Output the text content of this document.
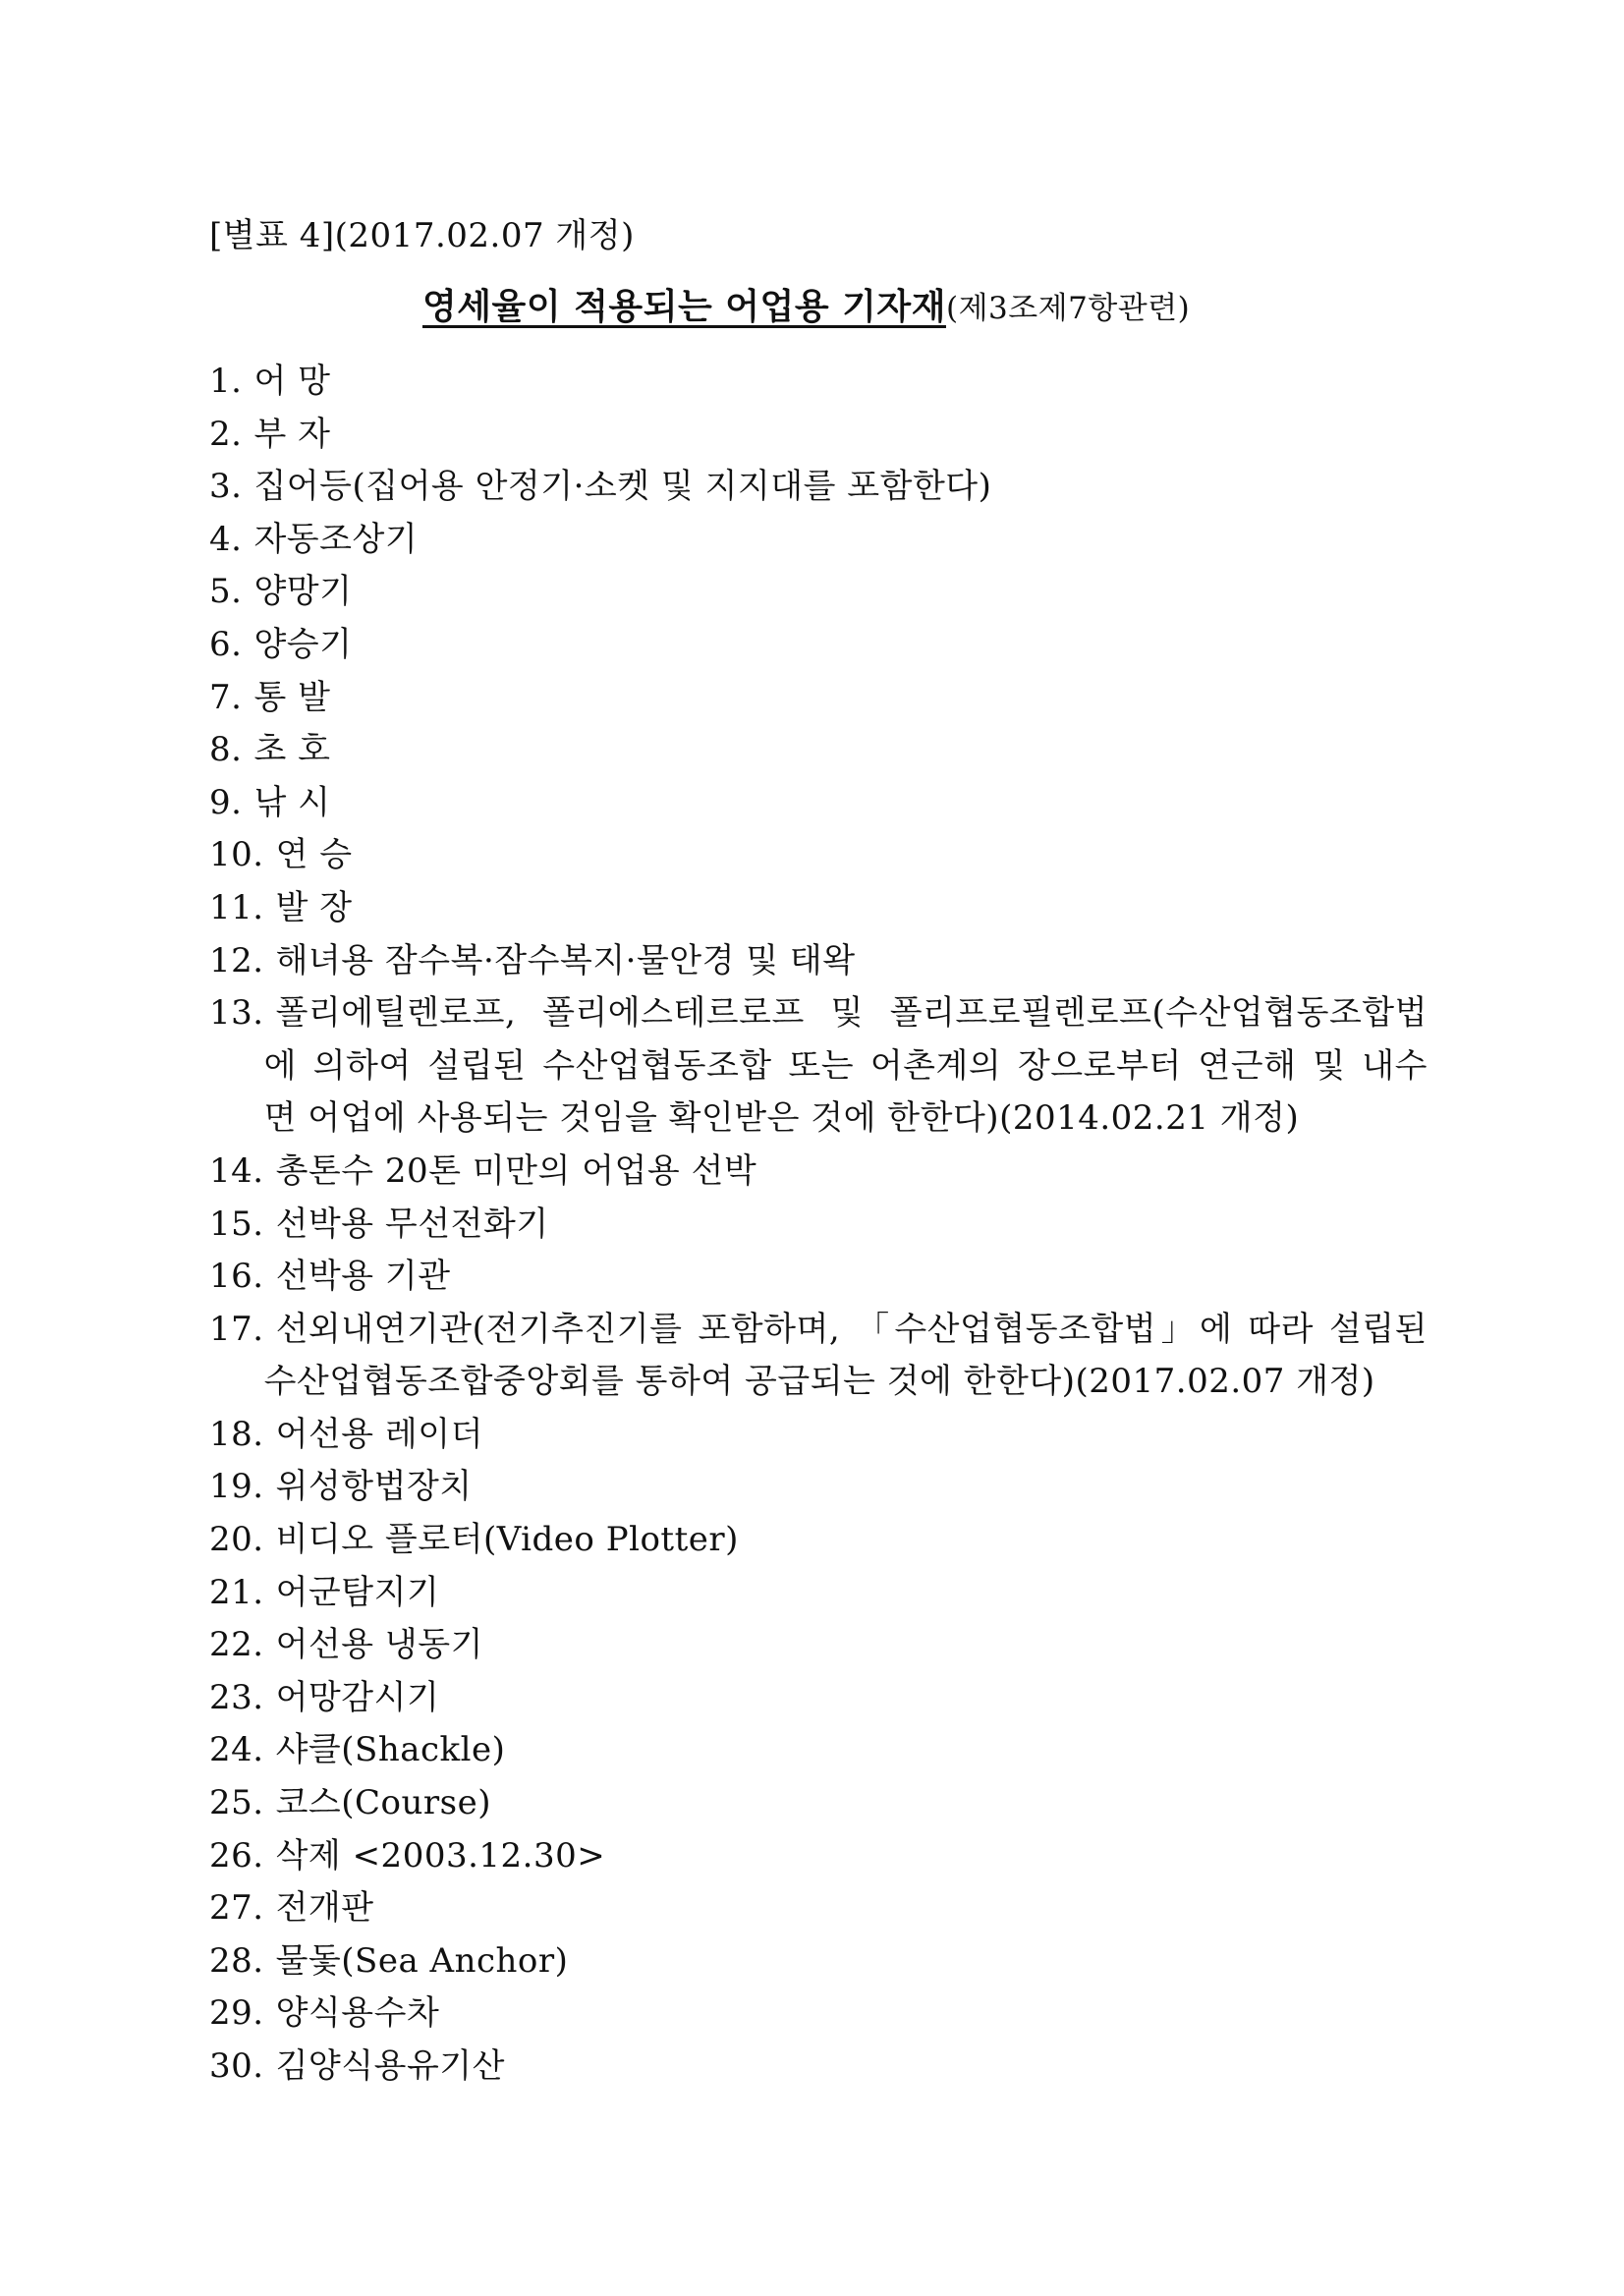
[별표 4](2017.02.07 개정)
영세율이 적용되는 어업용 기자재(제3조제7항관련)
1. 어 망
2. 부 자
3. 집어등(집어용 안정기·소켓 및 지지대를 포함한다)
4. 자동조상기
5. 양망기
6. 양승기
7. 통 발
8. 초 호
9. 낚 시
10. 연 승
11. 발 장
12. 해녀용 잠수복·잠수복지·물안경 및 태왁
13. 폴리에틸렌로프, 폴리에스테르로프 및 폴리프로필렌로프(수산업협동조합법
에 의하여 설립된 수산업협동조합 또는 어촌계의 장으로부터 연근해 및 내수
면 어업에 사용되는 것임을 확인받은 것에 한한다)(2014.02.21 개정)
14. 총톤수 20톤 미만의 어업용 선박
15. 선박용 무선전화기
16. 선박용 기관
17. 선외내연기관(전기추진기를 포함하며, 「수산업협동조합법」에 따라 설립된
수산업협동조합중앙회를 통하여 공급되는 것에 한한다)(2017.02.07 개정)
18. 어선용 레이더
19. 위성항법장치
20. 비디오 플로터(Video Plotter)
21. 어군탐지기
22. 어선용 냉동기
23. 어망감시기
24. 샤클(Shackle)
25. 코스(Course)
26. 삭제 <2003.12.30>
27. 전개판
28. 물돛(Sea Anchor)
29. 양식용수차
30. 김양식용유기산
